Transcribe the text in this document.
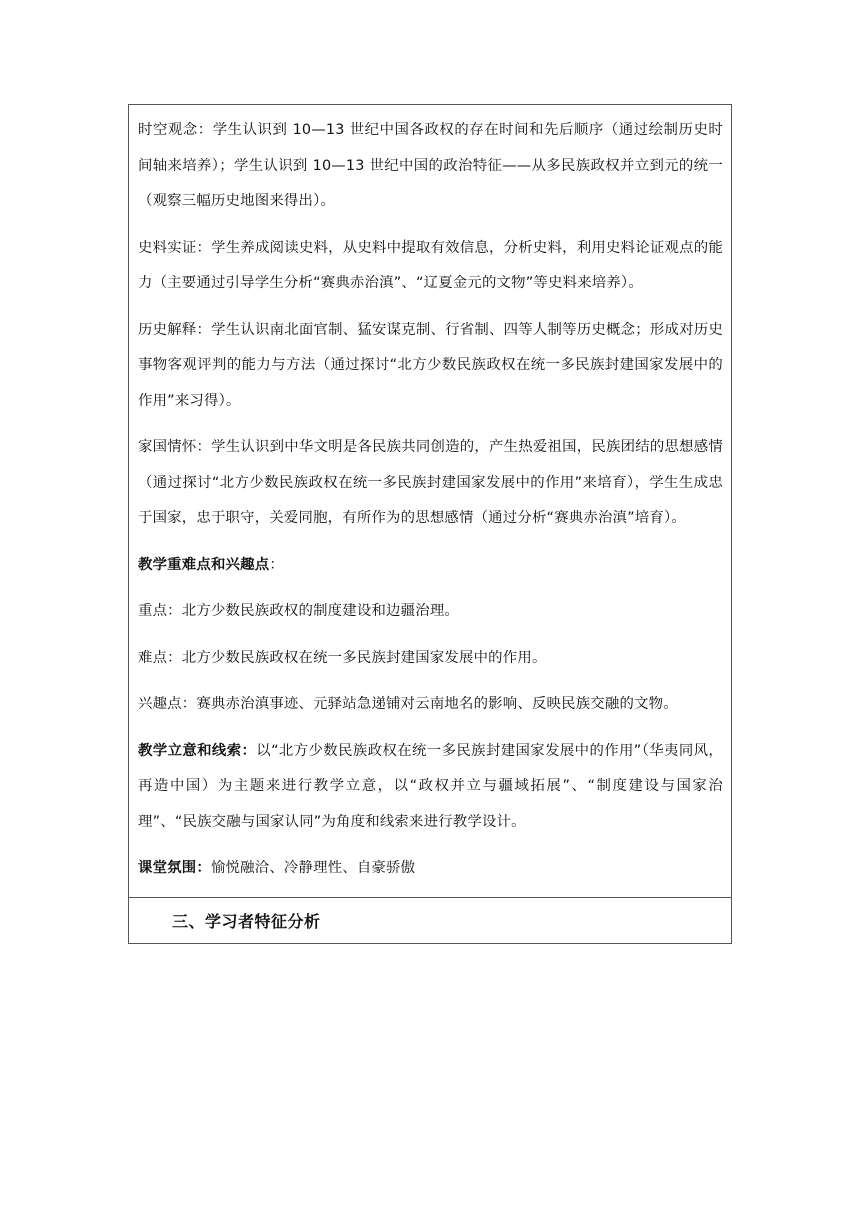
时空观念：学生认识到 10—13 世纪中国各政权的存在时间和先后顺序（通过绘制历史时间轴来培养）；学生认识到 10—13 世纪中国的政治特征——从多民族政权并立到元的统一（观察三幅历史地图来得出）。

史料实证：学生养成阅读史料，从史料中提取有效信息，分析史料，利用史料论证观点的能力（主要通过引导学生分析“赛典赤治滇”、“辽夏金元的文物”等史料来培养）。

历史解释：学生认识南北面官制、猛安谋克制、行省制、四等人制等历史概念；形成对历史事物客观评判的能力与方法（通过探讨“北方少数民族政权在统一多民族封建国家发展中的作用”来习得）。

家国情怀：学生认识到中华文明是各民族共同创造的，产生热爱祖国，民族团结的思想感情（通过探讨“北方少数民族政权在统一多民族封建国家发展中的作用”来培育），学生生成忠于国家，忠于职守，关爱同胞，有所作为的思想感情（通过分析“赛典赤治滇”培育）。

教学重难点和兴趣点：

重点：北方少数民族政权的制度建设和边疆治理。

难点：北方少数民族政权在统一多民族封建国家发展中的作用。

兴趣点：赛典赤治滇事迹、元驿站急递铺对云南地名的影响、反映民族交融的文物。

教学立意和线索：以“北方少数民族政权在统一多民族封建国家发展中的作用”（华夷同风，再造中国）为主题来进行教学立意，以“政权并立与疆域拓展”、“制度建设与国家治理”、“民族交融与国家认同”为角度和线索来进行教学设计。

课堂氛围：愉悦融洽、冷静理性、自豪骄傲

三、学习者特征分析
